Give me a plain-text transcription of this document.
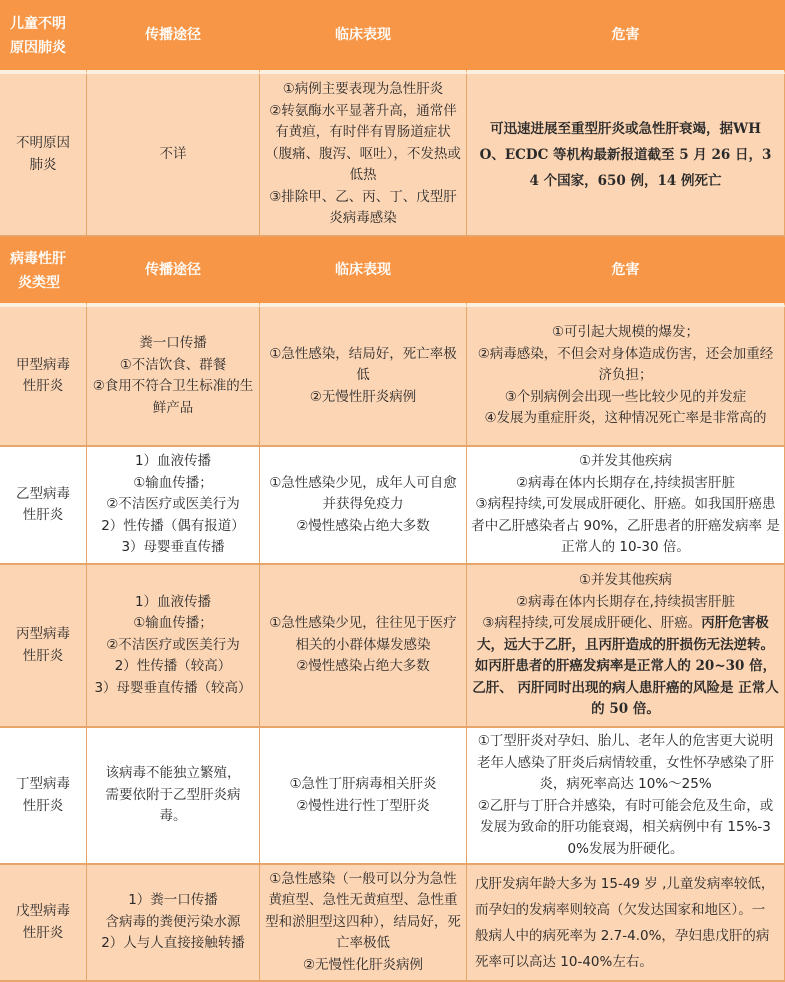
儿童不明
原因肺炎	传播途径	临床表现	危害

不明原因
肺炎	不详	①病例主要表现为急性肝炎
②转氨酶水平显著升高，通常伴有黄疸，有时伴有胃肠道症状（腹痛、腹泻、呕吐），不发热或低热
③排除甲、乙、丙、丁、戊型肝炎病毒感染	可迅速进展至重型肝炎或急性肝衰竭，据WHO、ECDC 等机构最新报道截至 5 月 26 日，34 个国家，650 例，14 例死亡

病毒性肝
炎类型	传播途径	临床表现	危害

甲型病毒
性肝炎	粪一口传播
①不洁饮食、群餐
②食用不符合卫生标准的生鲜产品	①急性感染，结局好，死亡率极低
②无慢性肝炎病例	①可引起大规模的爆发；
②病毒感染，不但会对身体造成伤害，还会加重经济负担；
③个别病例会出现一些比较少见的并发症
④发展为重症肝炎，这种情况死亡率是非常高的

乙型病毒
性肝炎	1）血液传播
①输血传播；
②不洁医疗或医美行为
2）性传播（偶有报道）
3）母婴垂直传播	①急性感染少见，成年人可自愈并获得免疫力
②慢性感染占绝大多数	①并发其他疾病
②病毒在体内长期存在,持续损害肝脏
③病程持续,可发展成肝硬化、肝癌。如我国肝癌患者中乙肝感染者占 90%，乙肝患者的肝癌发病率 是正常人的 10-30 倍。

丙型病毒
性肝炎	1）血液传播
①输血传播；
②不洁医疗或医美行为
2）性传播（较高）
3）母婴垂直传播（较高）	①急性感染少见，往往见于医疗相关的小群体爆发感染
②慢性感染占绝大多数	①并发其他疾病
②病毒在体内长期存在,持续损害肝脏
③病程持续,可发展成肝硬化、肝癌。丙肝危害极大，远大于乙肝，且丙肝造成的肝损伤无法逆转。如丙肝患者的肝癌发病率是正常人的 20~30 倍，乙肝、 丙肝同时出现的病人患肝癌的风险是 正常人的 50 倍。

丁型病毒
性肝炎	该病毒不能独立繁殖，需要依附于乙型肝炎病毒。	①急性丁肝病毒相关肝炎
②慢性进行性丁型肝炎	①丁型肝炎对孕妇、胎儿、老年人的危害更大说明老年人感染了肝炎后病情较重，女性怀孕感染了肝炎，病死率高达 10%～25%
②乙肝与丁肝合并感染，有时可能会危及生命，或发展为致命的肝功能衰竭，相关病例中有 15%-30%发展为肝硬化。

戊型病毒
性肝炎	1）粪一口传播
含病毒的粪便污染水源
2）人与人直接接触转播	①急性感染（一般可以分为急性黄疸型、急性无黄疸型、急性重型和淤胆型这四种），结局好，死亡率极低
②无慢性化肝炎病例	戊肝发病年龄大多为 15-49 岁 ,儿童发病率较低，而孕妇的发病率则较高（欠发达国家和地区）。一般病人中的病死率为 2.7-4.0%，孕妇患戊肝的病死率可以高达 10-40%左右。
